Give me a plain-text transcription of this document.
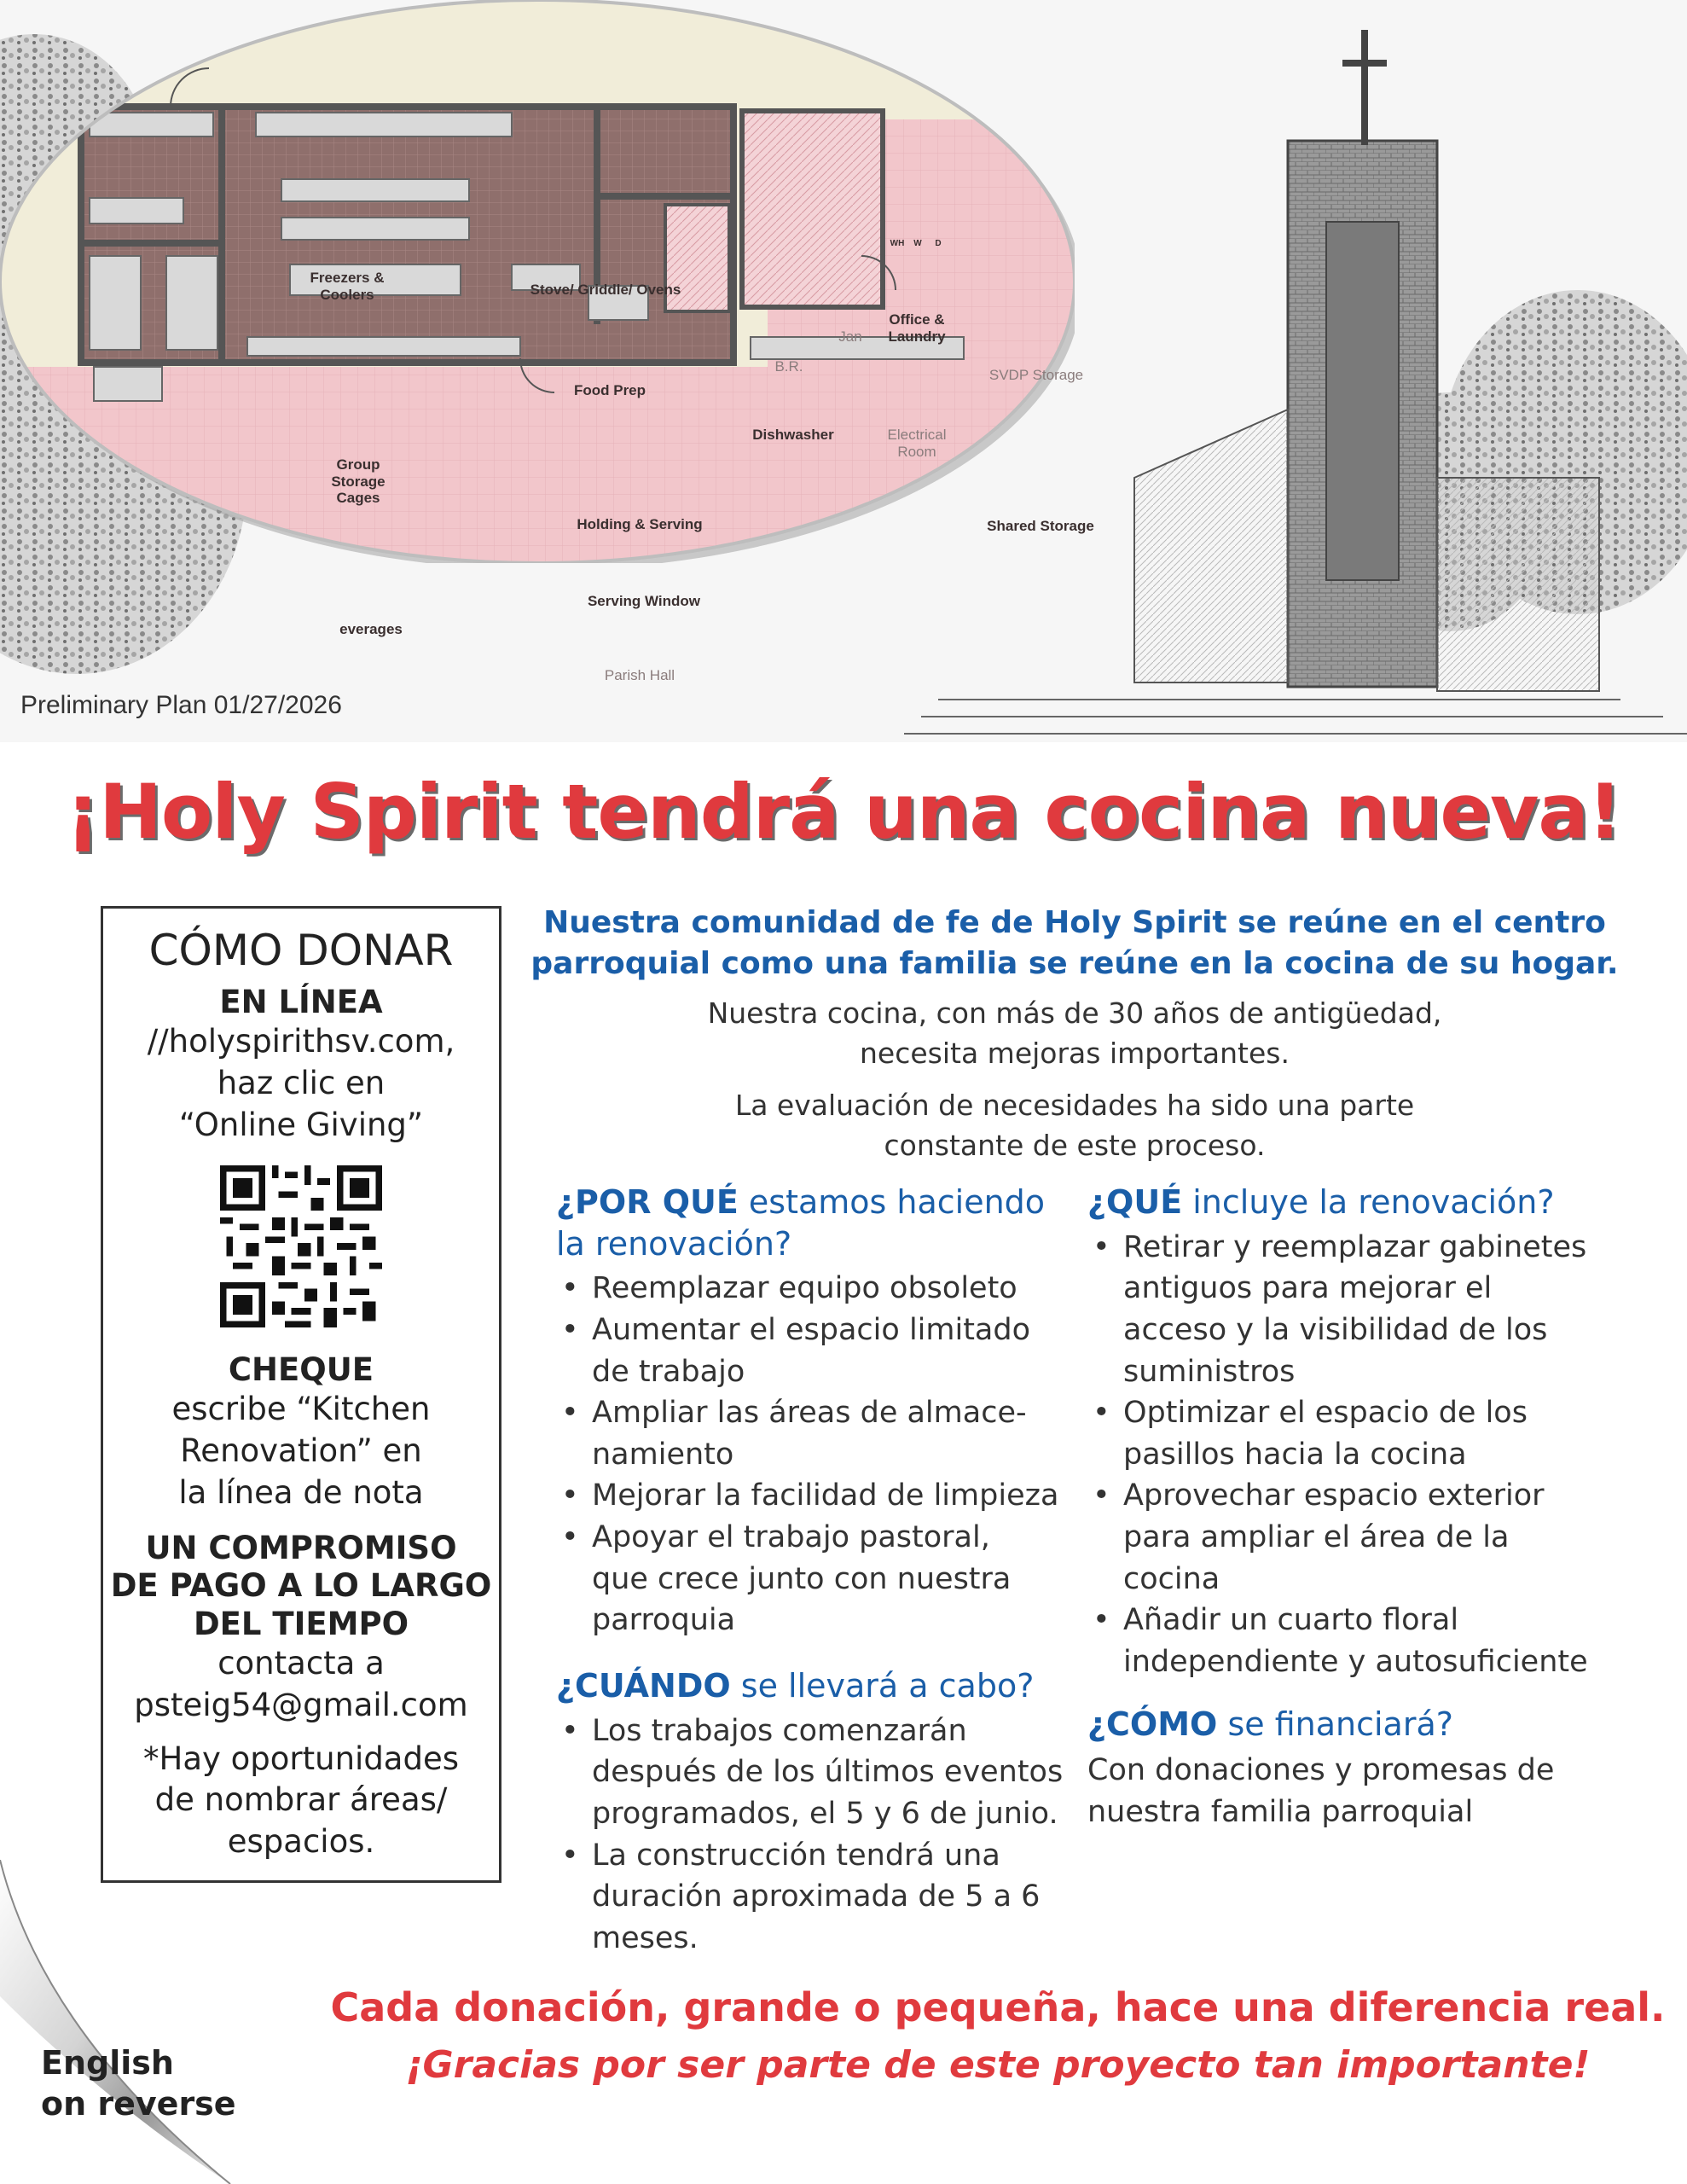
Freezers & Coolers	Stove/ Griddle/ Ovens
Office & Laundry
Jan
B.R.
WH	W	D
SVDP Storage
Food Prep
Group Storage Cages
Dishwasher	Electrical Room
Holding & Serving	Shared Storage
Serving Window
everages
Parish Hall
Preliminary Plan 01/27/2026
¡Holy Spirit tendrá una cocina nueva!
CÓMO DONAR
EN LÍNEA
//holyspirithsv.com,
haz clic en
“Online Giving”
CHEQUE
escribe “Kitchen
Renovation” en
la línea de nota
UN COMPROMISO
DE PAGO A LO LARGO
DEL TIEMPO
contacta a
psteig54@gmail.com
*Hay oportunidades
de nombrar áreas/
espacios.
Nuestra comunidad de fe de Holy Spirit se reúne en el centro
parroquial como una familia se reúne en la cocina de su hogar.
Nuestra cocina, con más de 30 años de antigüedad,
necesita mejoras importantes.
La evaluación de necesidades ha sido una parte
constante de este proceso.
¿POR QUÉ estamos haciendo
la renovación?
• Reemplazar equipo obsoleto
• Aumentar el espacio limitado
de trabajo
• Ampliar las áreas de almace-
namiento
• Mejorar la facilidad de limpieza
• Apoyar el trabajo pastoral,
que crece junto con nuestra
parroquia
¿CUÁNDO se llevará a cabo?
• Los trabajos comenzarán
después de los últimos eventos
programados, el 5 y 6 de junio.
• La construcción tendrá una
duración aproximada de 5 a 6
meses.
¿QUÉ incluye la renovación?
• Retirar y reemplazar gabinetes
antiguos para mejorar el
acceso y la visibilidad de los
suministros
• Optimizar el espacio de los
pasillos hacia la cocina
• Aprovechar espacio exterior
para ampliar el área de la
cocina
• Añadir un cuarto floral
independiente y autosuficiente
¿CÓMO se financiará?

Con donaciones y promesas de
nuestra familia parroquial

English
on reverse
Cada donación, grande o pequeña, hace una diferencia real.
¡Gracias por ser parte de este proyecto tan importante!
